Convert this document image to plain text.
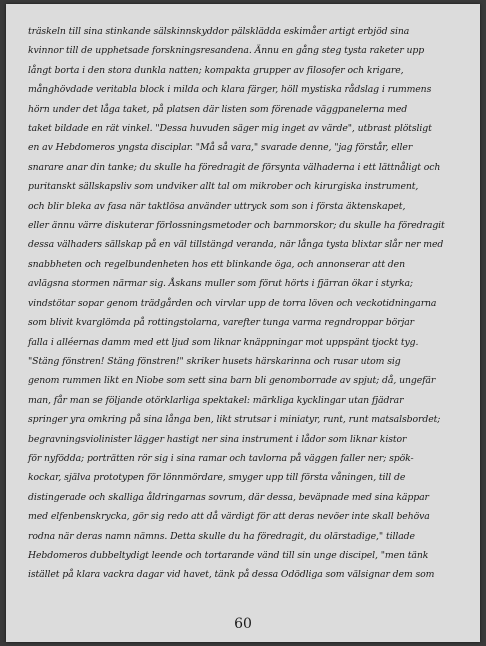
träskeln till sina stinkande sälskinnskyddor pälsklädda eskimåer artigt erbjöd sina
kvinnor till de upphetsade forskningsresandena. Ännu en gång steg tysta raketer upp
långt borta i den stora dunkla natten; kompakta grupper av filosofer och krigare,
månghövdade veritabla block i milda och klara färger, höll mystiska rådslag i rummens
hörn under det låga taket, på platsen där listen som förenade väggpanelerna med
taket bildade en rät vinkel. "Dessa huvuden säger mig inget av värde", utbrast plötsligt
en av Hebdomeros yngsta disciplar. "Må så vara," svarade denne, "jag förstår, eller
snarare anar din tanke; du skulle ha föredragit de försynta välhaderna i ett lättnåligt och
puritanskt sällskapsliv som undviker allt tal om mikrober och kirurgiska instrument,
och blir bleka av fasa när taktlösa använder uttryck som son i första äktenskapet,
eller ännu värre diskuterar förlossningsmetoder och barnmorskor; du skulle ha föredragit
dessa välhaders sällskap på en väl tillstängd veranda, när långa tysta blixtar slår ner med
snabbheten och regelbundenheten hos ett blinkande öga, och annonserar att den
avlägsna stormen närmar sig. Åskans muller som förut hörts i fjärran ökar i styrka;
vindstötar sopar genom trädgården och virvlar upp de torra löven och veckotidningarna
som blivit kvarglömda på rottingstolarna, varefter tunga varma regndroppar börjar
falla i alléernas damm med ett ljud som liknar knäppningar mot uppspänt tjockt tyg.
"Stäng fönstren! Stäng fönstren!" skriker husets härskarinna och rusar utom sig
genom rummen likt en Niobe som sett sina barn bli genomborrade av spjut; då, ungefär
man, får man se följande otörklarliga spektakel: märkliga kycklingar utan fjädrar
springer yra omkring på sina långa ben, likt strutsar i miniatyr, runt, runt matsalsbordet;
begravningsviolinister lägger hastigt ner sina instrument i lådor som liknar kistor
för nyfödda; porträtten rör sig i sina ramar och tavlorna på väggen faller ner; spök-
kockar, själva prototypen för lönnmördare, smyger upp till första våningen, till de
distingerade och skalliga åldringarnas sovrum, där dessa, beväpnade med sina käppar
med elfenbenskrycka, gör sig redo att då värdigt för att deras nevöer inte skall behöva
rodna när deras namn nämns. Detta skulle du ha föredragit, du olärstadige," tillade
Hebdomeros dubbeltydigt leende och tortarande vänd till sin unge discipel, "men tänk
istället på klara vackra dagar vid havet, tänk på dessa Odödliga som välsignar dem som
60
